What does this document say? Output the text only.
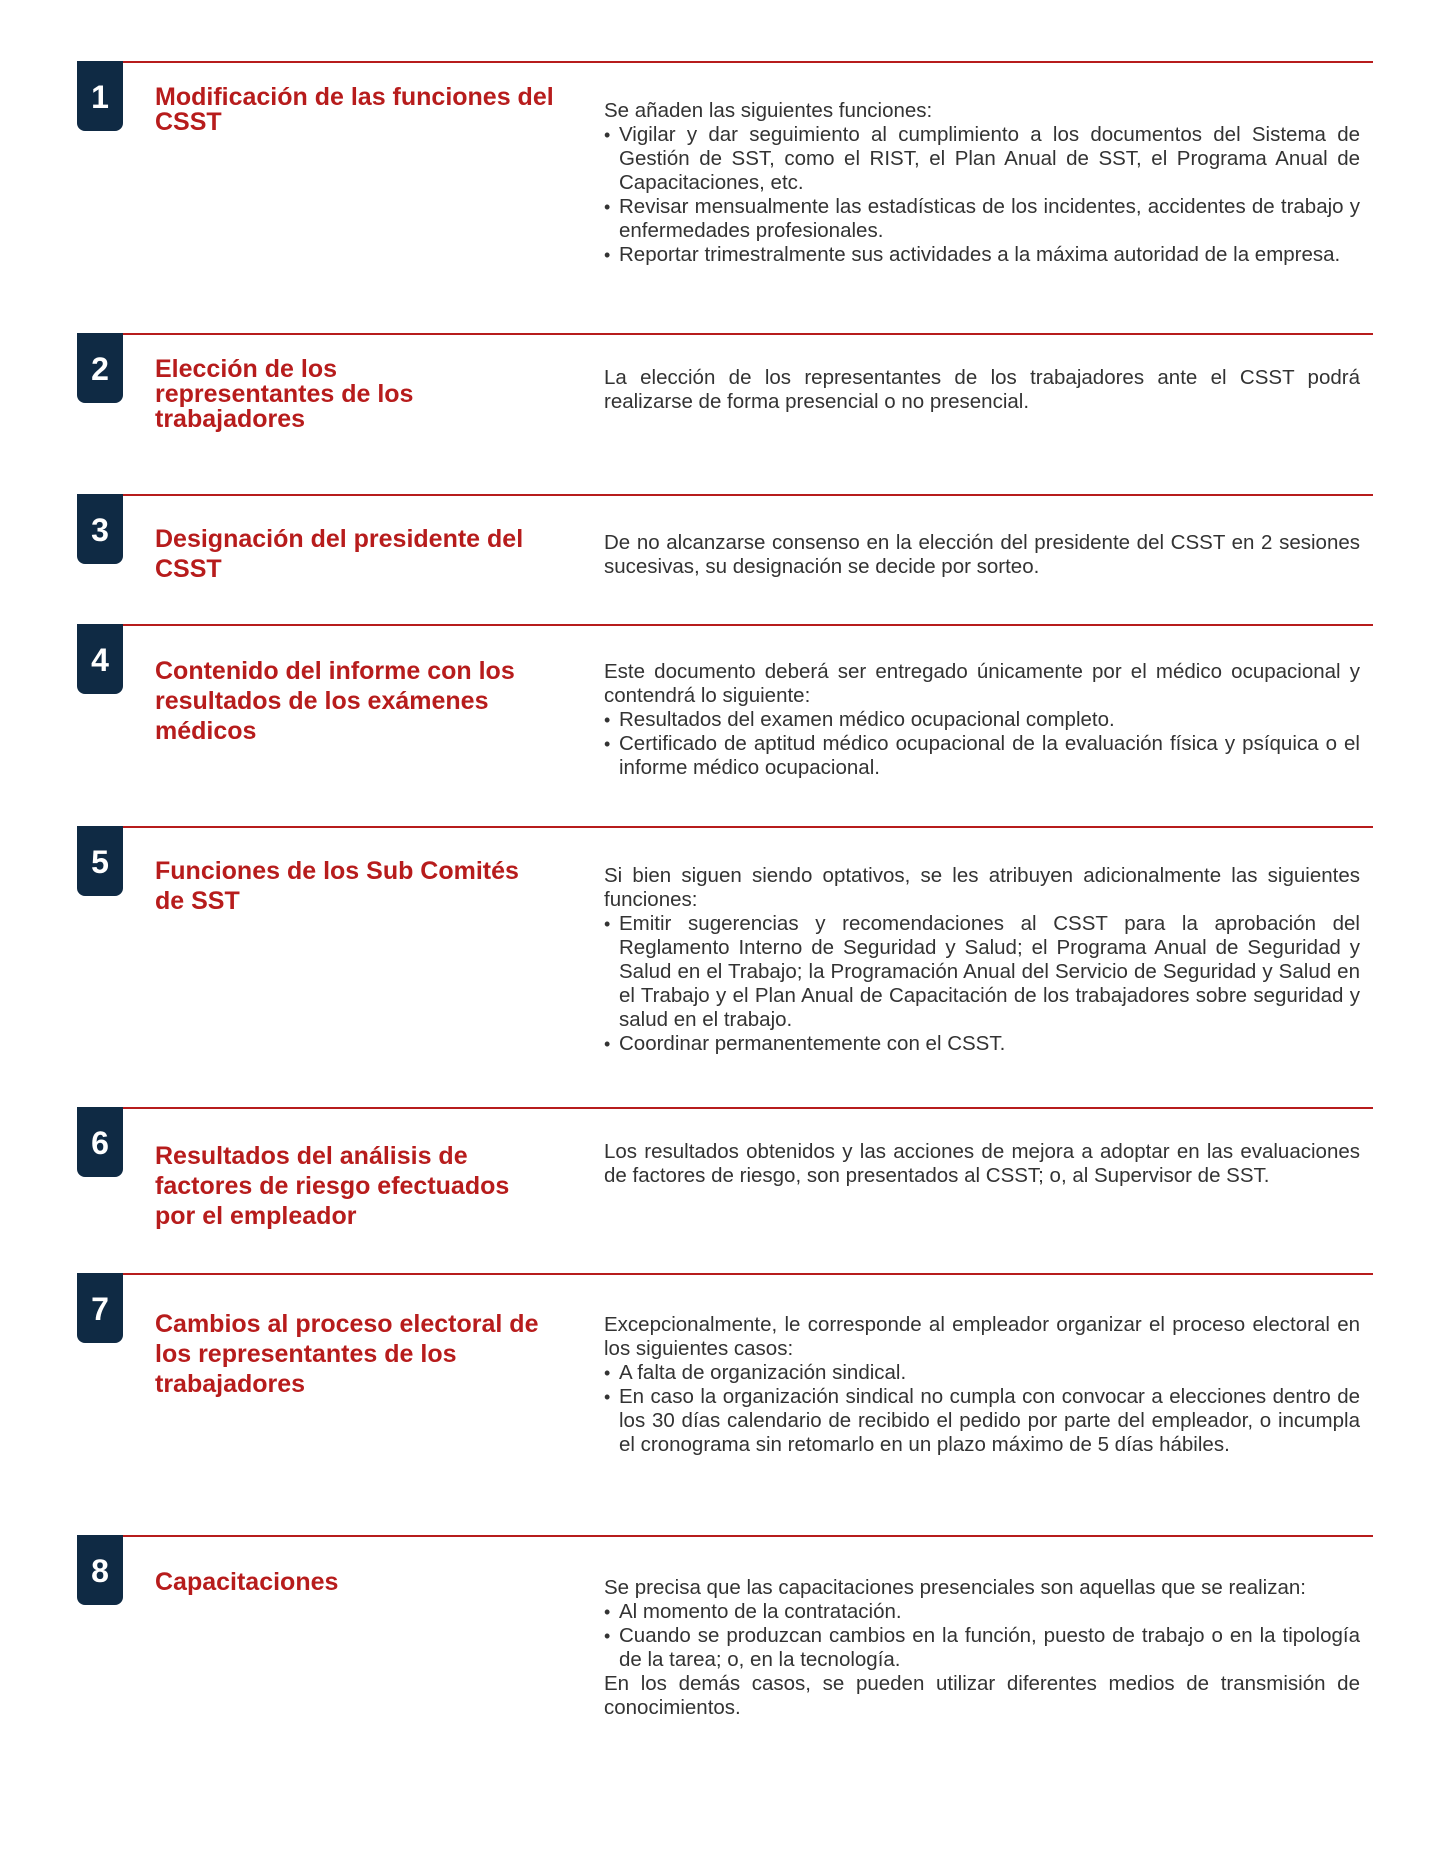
1	Modificación de las funciones del CSST	Se añaden las siguientes funciones:

• Vigilar y dar seguimiento al cumplimiento a los documentos del Sistema de Gestión de SST, como el RIST, el Plan Anual de SST, el Programa Anual de Capacitaciones, etc.
• Revisar mensualmente las estadísticas de los incidentes, accidentes de trabajo y enfermedades profesionales.
• Reportar trimestralmente sus actividades a la máxima autoridad de la empresa.
2	Elección de los representantes de los trabajadores

La elección de los representantes de los trabajadores ante el CSST podrá realizarse de forma presencial o no presencial.

3	Designación del presidente del CSST

De no alcanzarse consenso en la elección del presidente del CSST en 2 sesiones sucesivas, su designación se decide por sorteo.

4	Contenido del informe con los resultados de los exámenes médicos

Este documento deberá ser entregado únicamente por el médico ocupacional y contendrá lo siguiente:

• Resultados del examen médico ocupacional completo.
• Certificado de aptitud médico ocupacional de la evaluación física y psíquica o el informe médico ocupacional.
5	Funciones de los Sub Comités de SST

Si bien siguen siendo optativos, se les atribuyen adicionalmente las siguientes funciones:

• Emitir sugerencias y recomendaciones al CSST para la aprobación del Reglamento Interno de Seguridad y Salud; el Programa Anual de Seguridad y Salud en el Trabajo; la Programación Anual del Servicio de Seguridad y Salud en el Trabajo y el Plan Anual de Capacitación de los trabajadores sobre seguridad y salud en el trabajo.
• Coordinar permanentemente con el CSST.
6	Resultados del análisis de factores de riesgo efectuados por el empleador

Los resultados obtenidos y las acciones de mejora a adoptar en las evaluaciones de factores de riesgo, son presentados al CSST; o, al Supervisor de SST.

7	Cambios al proceso electoral de los representantes de los trabajadores

Excepcionalmente, le corresponde al empleador organizar el proceso electoral en los siguientes casos:

• A falta de organización sindical.
• En caso la organización sindical no cumpla con convocar a elecciones dentro de los 30 días calendario de recibido el pedido por parte del empleador, o incumpla el cronograma sin retomarlo en un plazo máximo de 5 días hábiles.
8	Capacitaciones	Se precisa que las capacitaciones presenciales son aquellas que se realizan:

• Al momento de la contratación.
• Cuando se produzcan cambios en la función, puesto de trabajo o en la tipología de la tarea; o, en la tecnología.

En los demás casos, se pueden utilizar diferentes medios de transmisión de conocimientos.
